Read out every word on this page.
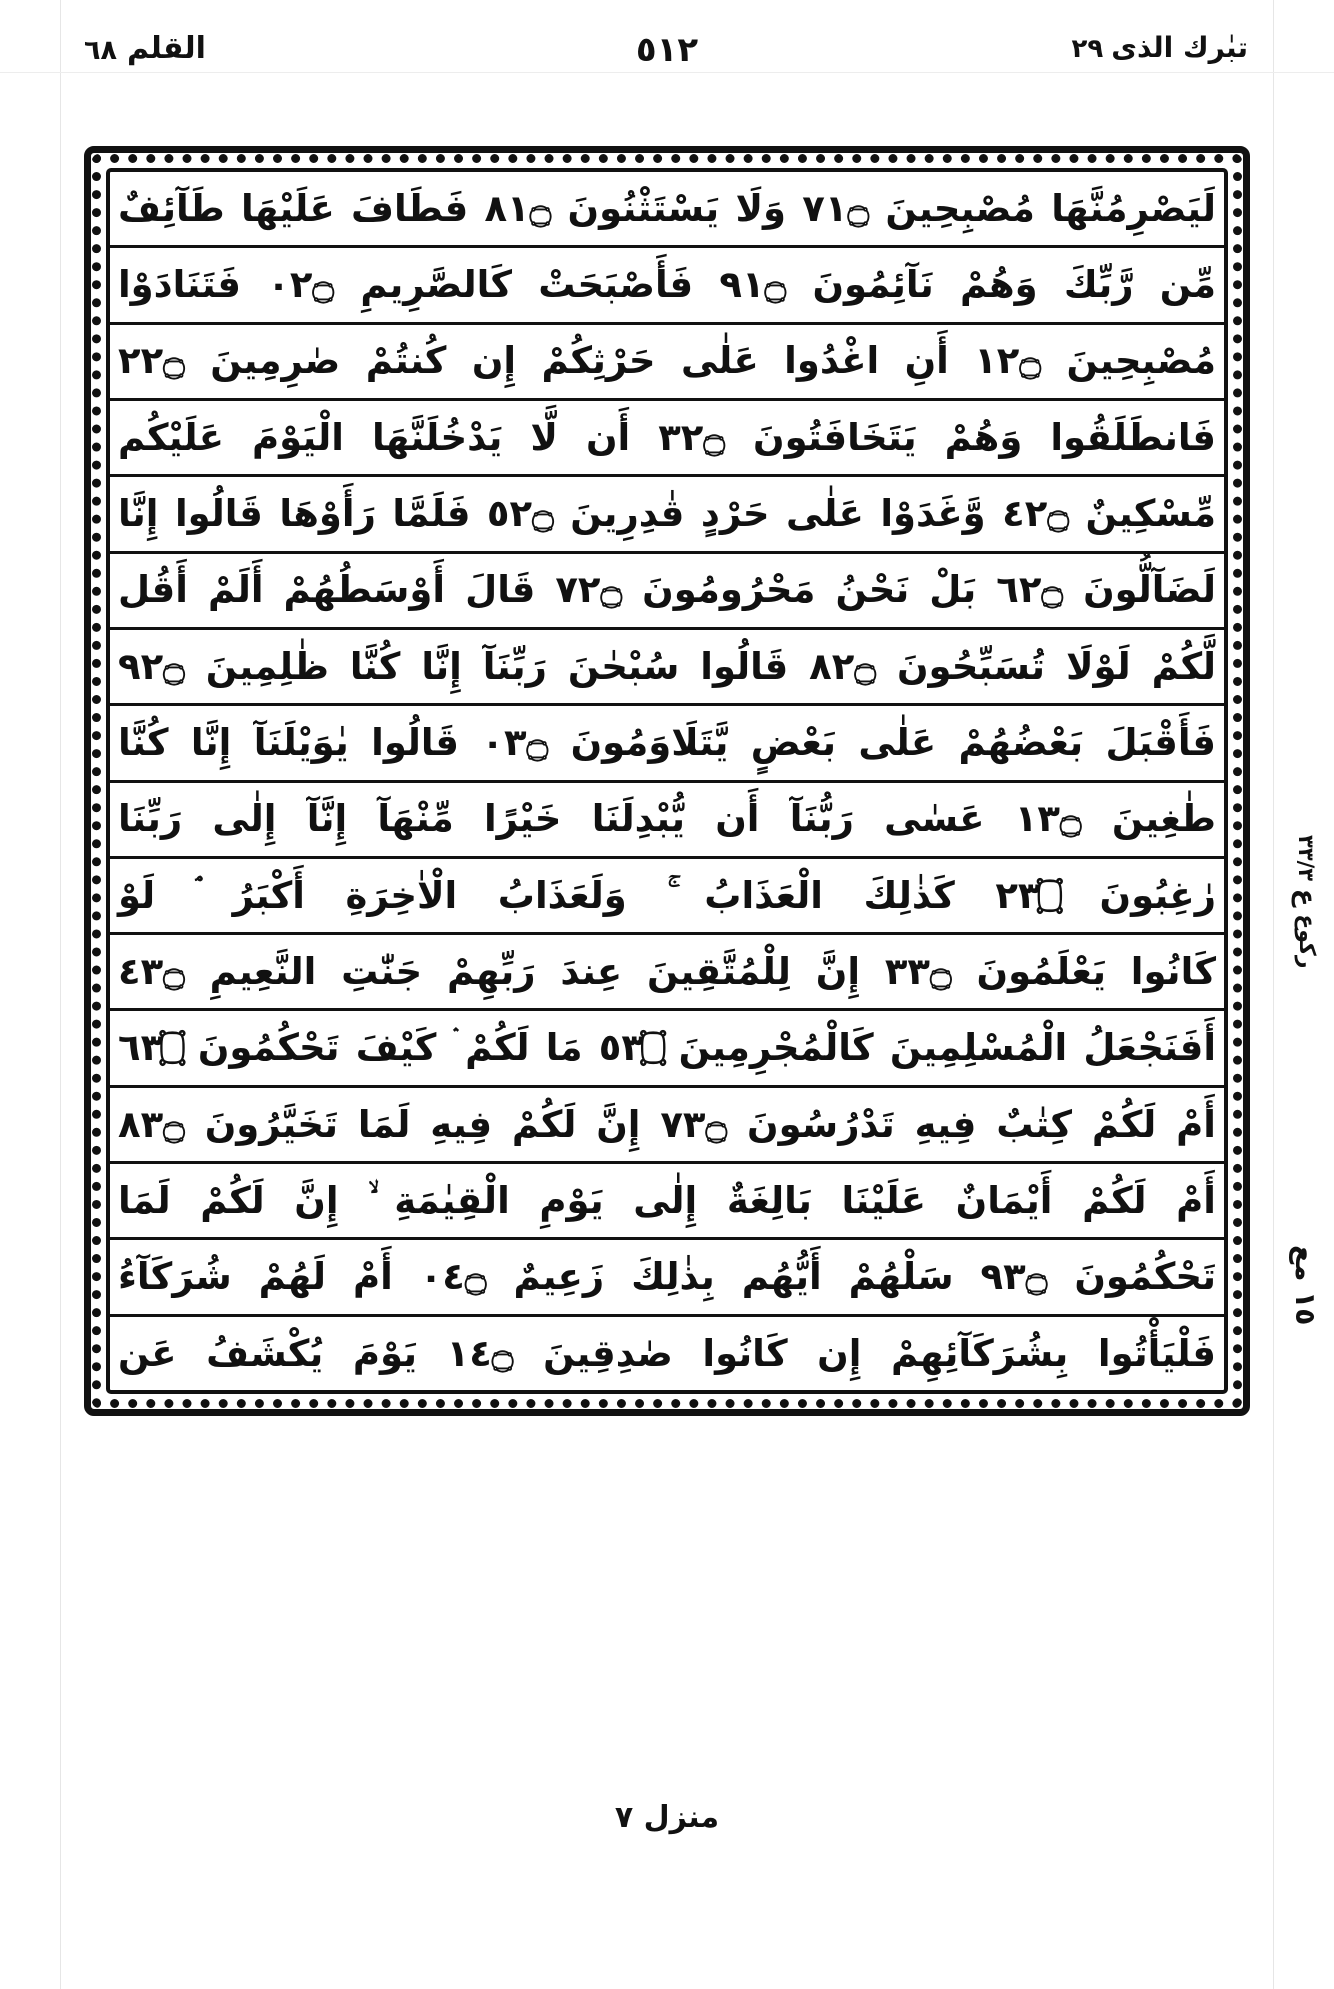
القلم
٦٨	٥١٢	تبٰرك الذى
٢٩
لَيَصْرِمُنَّهَا مُصْبِحِينَ ۝١٧ وَلَا يَسْتَثْنُونَ ۝١٨ فَطَافَ عَلَيْهَا طَآئِفٌ
مِّن رَّبِّكَ وَهُمْ نَآئِمُونَ ۝١٩ فَأَصْبَحَتْ كَالصَّرِيمِ ۝٢٠ فَتَنَادَوْا
مُصْبِحِينَ ۝٢١ أَنِ اغْدُوا عَلٰى حَرْثِكُمْ إِن كُنتُمْ صٰرِمِينَ ۝٢٢
فَانطَلَقُوا وَهُمْ يَتَخَافَتُونَ ۝٢٣ أَن لَّا يَدْخُلَنَّهَا الْيَوْمَ عَلَيْكُم
مِّسْكِينٌ ۝٢٤ وَّغَدَوْا عَلٰى حَرْدٍ قٰدِرِينَ ۝٢٥ فَلَمَّا رَأَوْهَا قَالُوا إِنَّا
لَضَآلُّونَ ۝٢٦ بَلْ نَحْنُ مَحْرُومُونَ ۝٢٧ قَالَ أَوْسَطُهُمْ أَلَمْ أَقُل
لَّكُمْ لَوْلَا تُسَبِّحُونَ ۝٢٨ قَالُوا سُبْحٰنَ رَبِّنَآ إِنَّا كُنَّا ظٰلِمِينَ ۝٢٩
فَأَقْبَلَ بَعْضُهُمْ عَلٰى بَعْضٍ يَّتَلَاوَمُونَ ۝٣٠ قَالُوا يٰوَيْلَنَآ إِنَّا كُنَّا
طٰغِينَ ۝٣١ عَسٰى رَبُّنَآ أَن يُّبْدِلَنَا خَيْرًا مِّنْهَآ إِنَّآ إِلٰى رَبِّنَا
رٰغِبُونَ ۝٣٢ كَذٰلِكَ الْعَذَابُ ۚ وَلَعَذَابُ الْاٰخِرَةِ أَكْبَرُ ۘ لَوْ
كَانُوا يَعْلَمُونَ ۝٣٣ إِنَّ لِلْمُتَّقِينَ عِندَ رَبِّهِمْ جَنّٰتِ النَّعِيمِ ۝٣٤
أَفَنَجْعَلُ الْمُسْلِمِينَ كَالْمُجْرِمِينَ ۝٣٥ مَا لَكُمْ ۛ كَيْفَ تَحْكُمُونَ ۝٣٦
أَمْ لَكُمْ كِتٰبٌ فِيهِ تَدْرُسُونَ ۝٣٧ إِنَّ لَكُمْ فِيهِ لَمَا تَخَيَّرُونَ ۝٣٨
أَمْ لَكُمْ أَيْمَانٌ عَلَيْنَا بَالِغَةٌ إِلٰى يَوْمِ الْقِيٰمَةِ ۙ إِنَّ لَكُمْ لَمَا
تَحْكُمُونَ ۝٣٩ سَلْهُمْ أَيُّهُم بِذٰلِكَ زَعِيمٌ ۝٤٠ أَمْ لَهُمْ شُرَكَآءُ
فَلْيَأْتُوا بِشُرَكَآئِهِمْ إِن كَانُوا صٰدِقِينَ ۝٤١ يَوْمَ يُكْشَفُ عَن
ركوع ع ٣٣/٣
١٥ مع
منزل ٧
